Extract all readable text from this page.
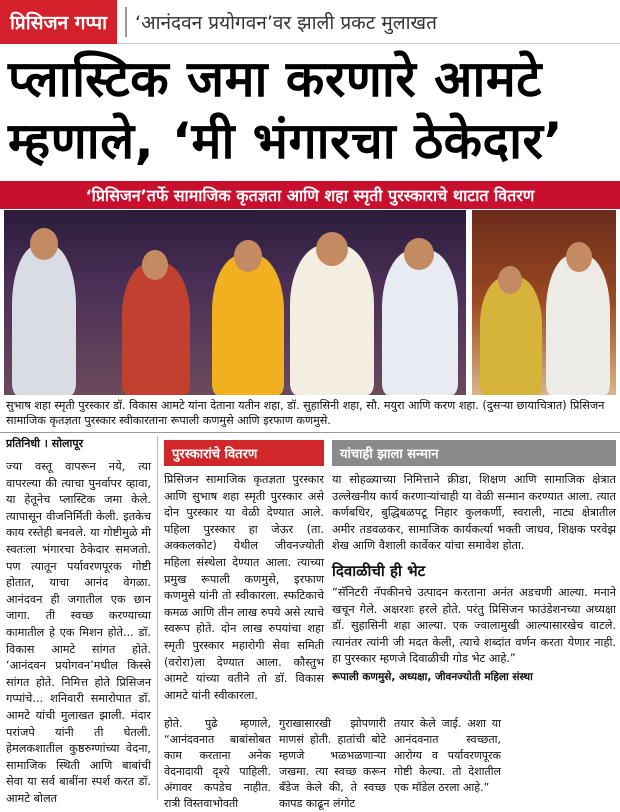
प्रिसिजन गप्पा	‘आनंदवन प्रयोगवन’वर झाली प्रकट मुलाखत
प्लास्टिक जमा करणारे आमटे
म्हणाले, ‘मी भंगारचा ठेकेदार’
‘प्रिसिजन’तर्फे सामाजिक कृतज्ञता आणि शहा स्मृती पुरस्काराचे थाटात वितरण
सुभाष शहा स्मृती पुरस्कार डॉ. विकास आमटे यांना देताना यतीन शहा, डॉ. सुहासिनी शहा, सौ. मयुरा आणि करण शहा. (दुसऱ्या छायाचित्रात) प्रिसिजन सामाजिक कृतज्ञता पुरस्कार स्वीकारताना रूपाली कणमुसे आणि इरफाण कणमुसे.
प्रतिनिधी । सोलापूर
ज्या वस्तू वापरून नये, त्या वापरल्या की त्याचा पुनर्वापर व्हावा, या हेतूनेच प्लास्टिक जमा केले. त्यापासून वीजनिर्मिती केली. इतकेच काय रस्तेही बनवले. या गोष्टीमुळे मी स्वतःला भंगारचा ठेकेदार समजतो. पण त्यातून पर्यावरणपूरक गोष्टी होतात, याचा आनंद वेगळा. आनंदवन ही जगातील एक छान जागा. ती स्वच्छ करण्याच्या कामातील हे एक मिशन होते... डॉ. विकास आमटे सांगत होते. ‘आनंदवन प्रयोगवन’मधील किस्से सांगत होते. निमित्त होते प्रिसिजन गप्पांचे... शनिवारी समारोपात डॉ. आमटे यांची मुलाखत झाली. मंदार परांजपे यांनी ती घेतली. हेमलकशातील कुष्ठरुग्णांच्या वेदना, सामाजिक स्थिती आणि बाबांची सेवा या सर्व बाबींना स्पर्श करत डॉ. आमटे बोलत
पुरस्कारांचे वितरण
प्रिसिजन सामाजिक कृतज्ञता पुरस्कार आणि सुभाष शहा स्मृती पुरस्कार असे दोन पुरस्कार या वेळी देण्यात आले. पहिला पुरस्कार हा जेऊर (ता. अक्कलकोट) येथील जीवनज्योती महिला संस्थेला देण्यात आला. त्याच्या प्रमुख रूपाली कणमुसे, इरफाण कणमुसे यांनी तो स्वीकारला. स्फटिकाचे कमळ आणि तीन लाख रुपये असे त्याचे स्वरूप होते. दोन लाख रुपयांचा शहा स्मृती पुरस्कार महारोगी सेवा समिती (वरोरा)ला देण्यात आला. कौस्तुभ आमटे यांच्या वतीने तो डॉ. विकास आमटे यांनी स्वीकारला.
यांचाही झाला सन्मान
या सोहळ्याच्या निमित्ताने क्रीडा, शिक्षण आणि सामाजिक क्षेत्रात उल्लेखनीय कार्य करणाऱ्यांचाही या वेळी सन्मान करण्यात आला. त्यात कर्णबधिर, बुद्धिबळपटू निहार कुलकर्णी, स्वराली, नाट्य क्षेत्रातील अमीर तडवळकर, सामाजिक कार्यकर्त्या भक्ती जाधव, शिक्षक परवेझ शेख आणि वैशाली कार्वेकर यांचा समावेश होता.
दिवाळीची ही भेट
“सॅनिटरी नॅपकीनचे उत्पादन करताना अनंत अडचणी आल्या. मनाने खचून गेले. अक्षरशः हरले होते. परंतु प्रिसिजन फाउंडेशनच्या अध्यक्षा डॉ. सुहासिनी शहा आल्या. एक ज्वालामुखी आल्यासारखेच वाटले. त्यानंतर त्यांनी जी मदत केली, त्याचे शब्दांत वर्णन करता येणार नाही. हा पुरस्कार म्हणजे दिवाळीची गोड भेट आहे.”
रूपाली कणमुसे, अध्यक्षा, जीवनज्योती महिला संस्था
होते. पुढे म्हणाले, “आनंदवनात बाबांसोबत काम करताना अनेक वेदनादायी दृश्ये पाहिली. अंगावर कपडेच नाहीत. रात्री विस्तवाभोवती
गुराखासारखी झोपणारी माणसं होती. हातांची बोटे म्हणजे भळभळणाऱ्या जखमा. त्या स्वच्छ करून बँडेज केले की, ते स्वच्छ कापड काढून लंगोट
तयार केले जाई. अशा या आनंदवनात स्वच्छता, आरोग्य व पर्यावरणपूरक गोष्टी केल्या. तो देशातील एक मॉडेल ठरला आहे.”
